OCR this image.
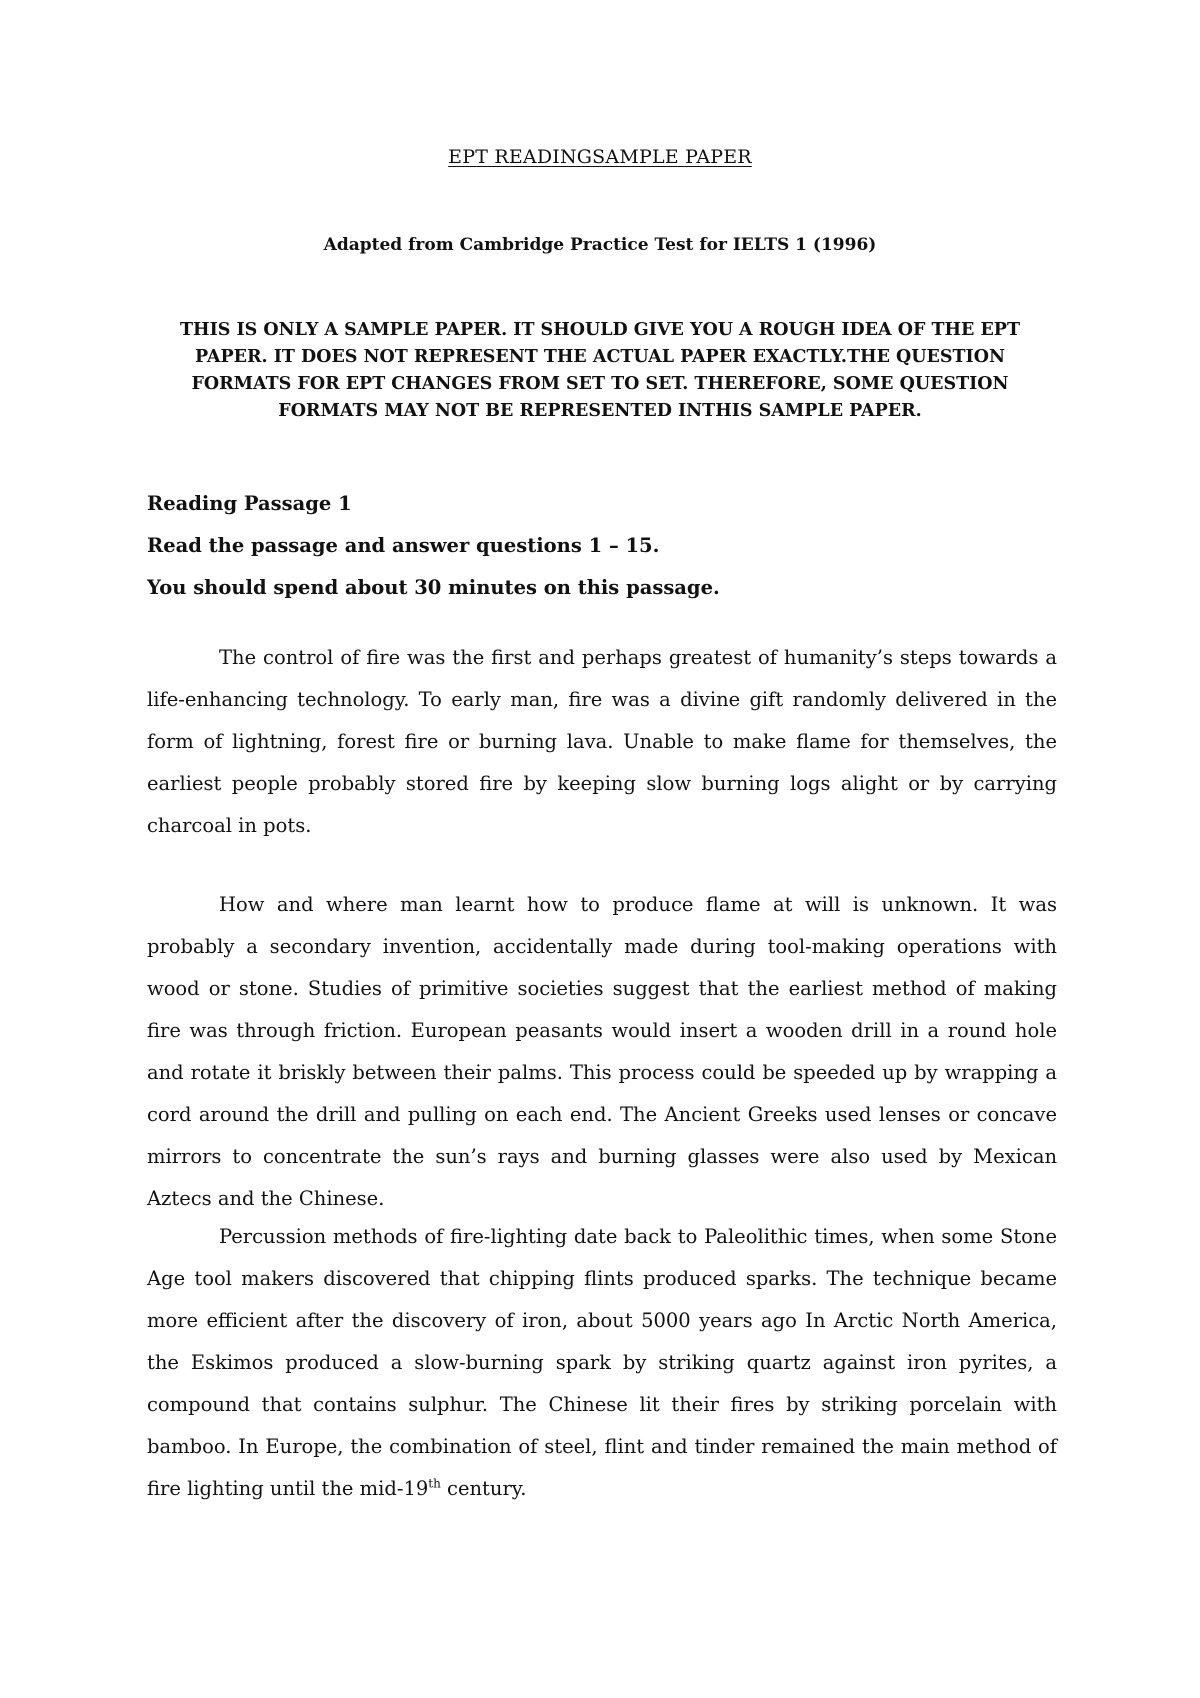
EPT READINGSAMPLE PAPER
Adapted from Cambridge Practice Test for IELTS 1 (1996)

THIS IS ONLY A SAMPLE PAPER. IT SHOULD GIVE YOU A ROUGH IDEA OF THE EPT PAPER. IT DOES NOT REPRESENT THE ACTUAL PAPER EXACTLY.THE QUESTION FORMATS FOR EPT CHANGES FROM SET TO SET. THEREFORE, SOME QUESTION FORMATS MAY NOT BE REPRESENTED INTHIS SAMPLE PAPER.

Reading Passage 1

Read the passage and answer questions 1 – 15.

You should spend about 30 minutes on this passage.

The control of fire was the first and perhaps greatest of humanity’s steps towards a life-enhancing technology. To early man, fire was a divine gift randomly delivered in the form of lightning, forest fire or burning lava. Unable to make flame for themselves, the earliest people probably stored fire by keeping slow burning logs alight or by carrying charcoal in pots.

How and where man learnt how to produce flame at will is unknown. It was probably a secondary invention, accidentally made during tool-making operations with wood or stone. Studies of primitive societies suggest that the earliest method of making fire was through friction. European peasants would insert a wooden drill in a round hole and rotate it briskly between their palms. This process could be speeded up by wrapping a cord around the drill and pulling on each end. The Ancient Greeks used lenses or concave mirrors to concentrate the sun’s rays and burning glasses were also used by Mexican Aztecs and the Chinese.

Percussion methods of fire-lighting date back to Paleolithic times, when some Stone Age tool makers discovered that chipping flints produced sparks. The technique became more efficient after the discovery of iron, about 5000 years ago In Arctic North America, the Eskimos produced a slow-burning spark by striking quartz against iron pyrites, a compound that contains sulphur. The Chinese lit their fires by striking porcelain with bamboo. In Europe, the combination of steel, flint and tinder remained the main method of fire lighting until the mid-19th century.
